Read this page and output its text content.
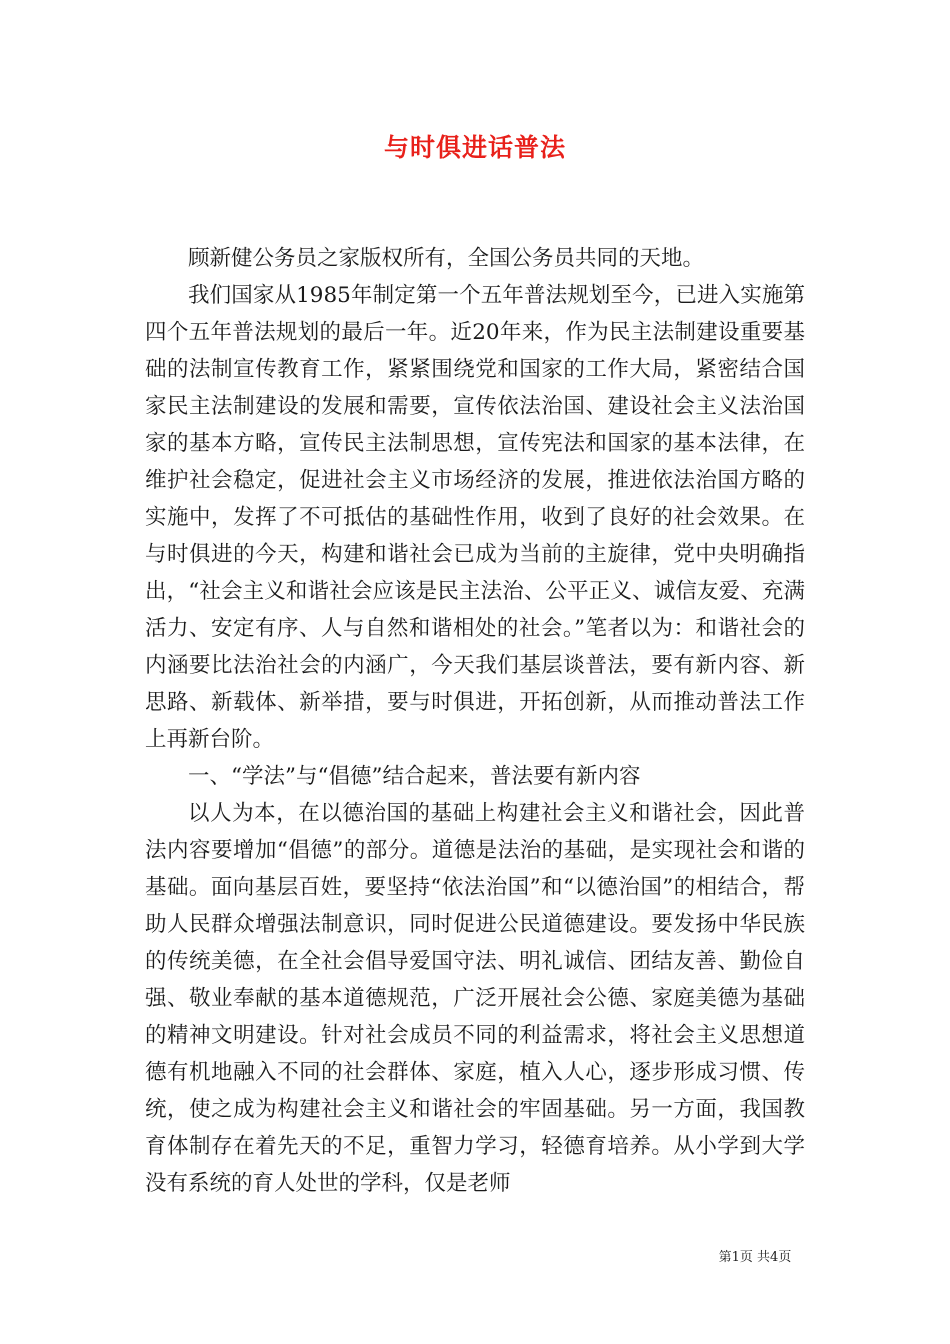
与时俱进话普法

顾新健公务员之家版权所有，全国公务员共同的天地。

我们国家从1985年制定第一个五年普法规划至今，已进入实施第四个五年普法规划的最后一年。近20年来，作为民主法制建设重要基础的法制宣传教育工作，紧紧围绕党和国家的工作大局，紧密结合国家民主法制建设的发展和需要，宣传依法治国、建设社会主义法治国家的基本方略，宣传民主法制思想，宣传宪法和国家的基本法律，在维护社会稳定，促进社会主义市场经济的发展，推进依法治国方略的实施中，发挥了不可抵估的基础性作用，收到了良好的社会效果。在与时俱进的今天，构建和谐社会已成为当前的主旋律，党中央明确指出，“社会主义和谐社会应该是民主法治、公平正义、诚信友爱、充满活力、安定有序、人与自然和谐相处的社会。”笔者以为：和谐社会的内涵要比法治社会的内涵广，今天我们基层谈普法，要有新内容、新思路、新载体、新举措，要与时俱进，开拓创新，从而推动普法工作上再新台阶。

一、“学法”与“倡德”结合起来，普法要有新内容

以人为本，在以德治国的基础上构建社会主义和谐社会，因此普法内容要增加“倡德”的部分。道德是法治的基础，是实现社会和谐的基础。面向基层百姓，要坚持“依法治国”和“以德治国”的相结合，帮助人民群众增强法制意识，同时促进公民道德建设。要发扬中华民族的传统美德，在全社会倡导爱国守法、明礼诚信、团结友善、勤俭自强、敬业奉献的基本道德规范，广泛开展社会公德、家庭美德为基础的精神文明建设。针对社会成员不同的利益需求，将社会主义思想道德有机地融入不同的社会群体、家庭，植入人心，逐步形成习惯、传统，使之成为构建社会主义和谐社会的牢固基础。另一方面，我国教育体制存在着先天的不足，重智力学习，轻德育培养。从小学到大学没有系统的育人处世的学科，仅是老师

第1页 共4页
